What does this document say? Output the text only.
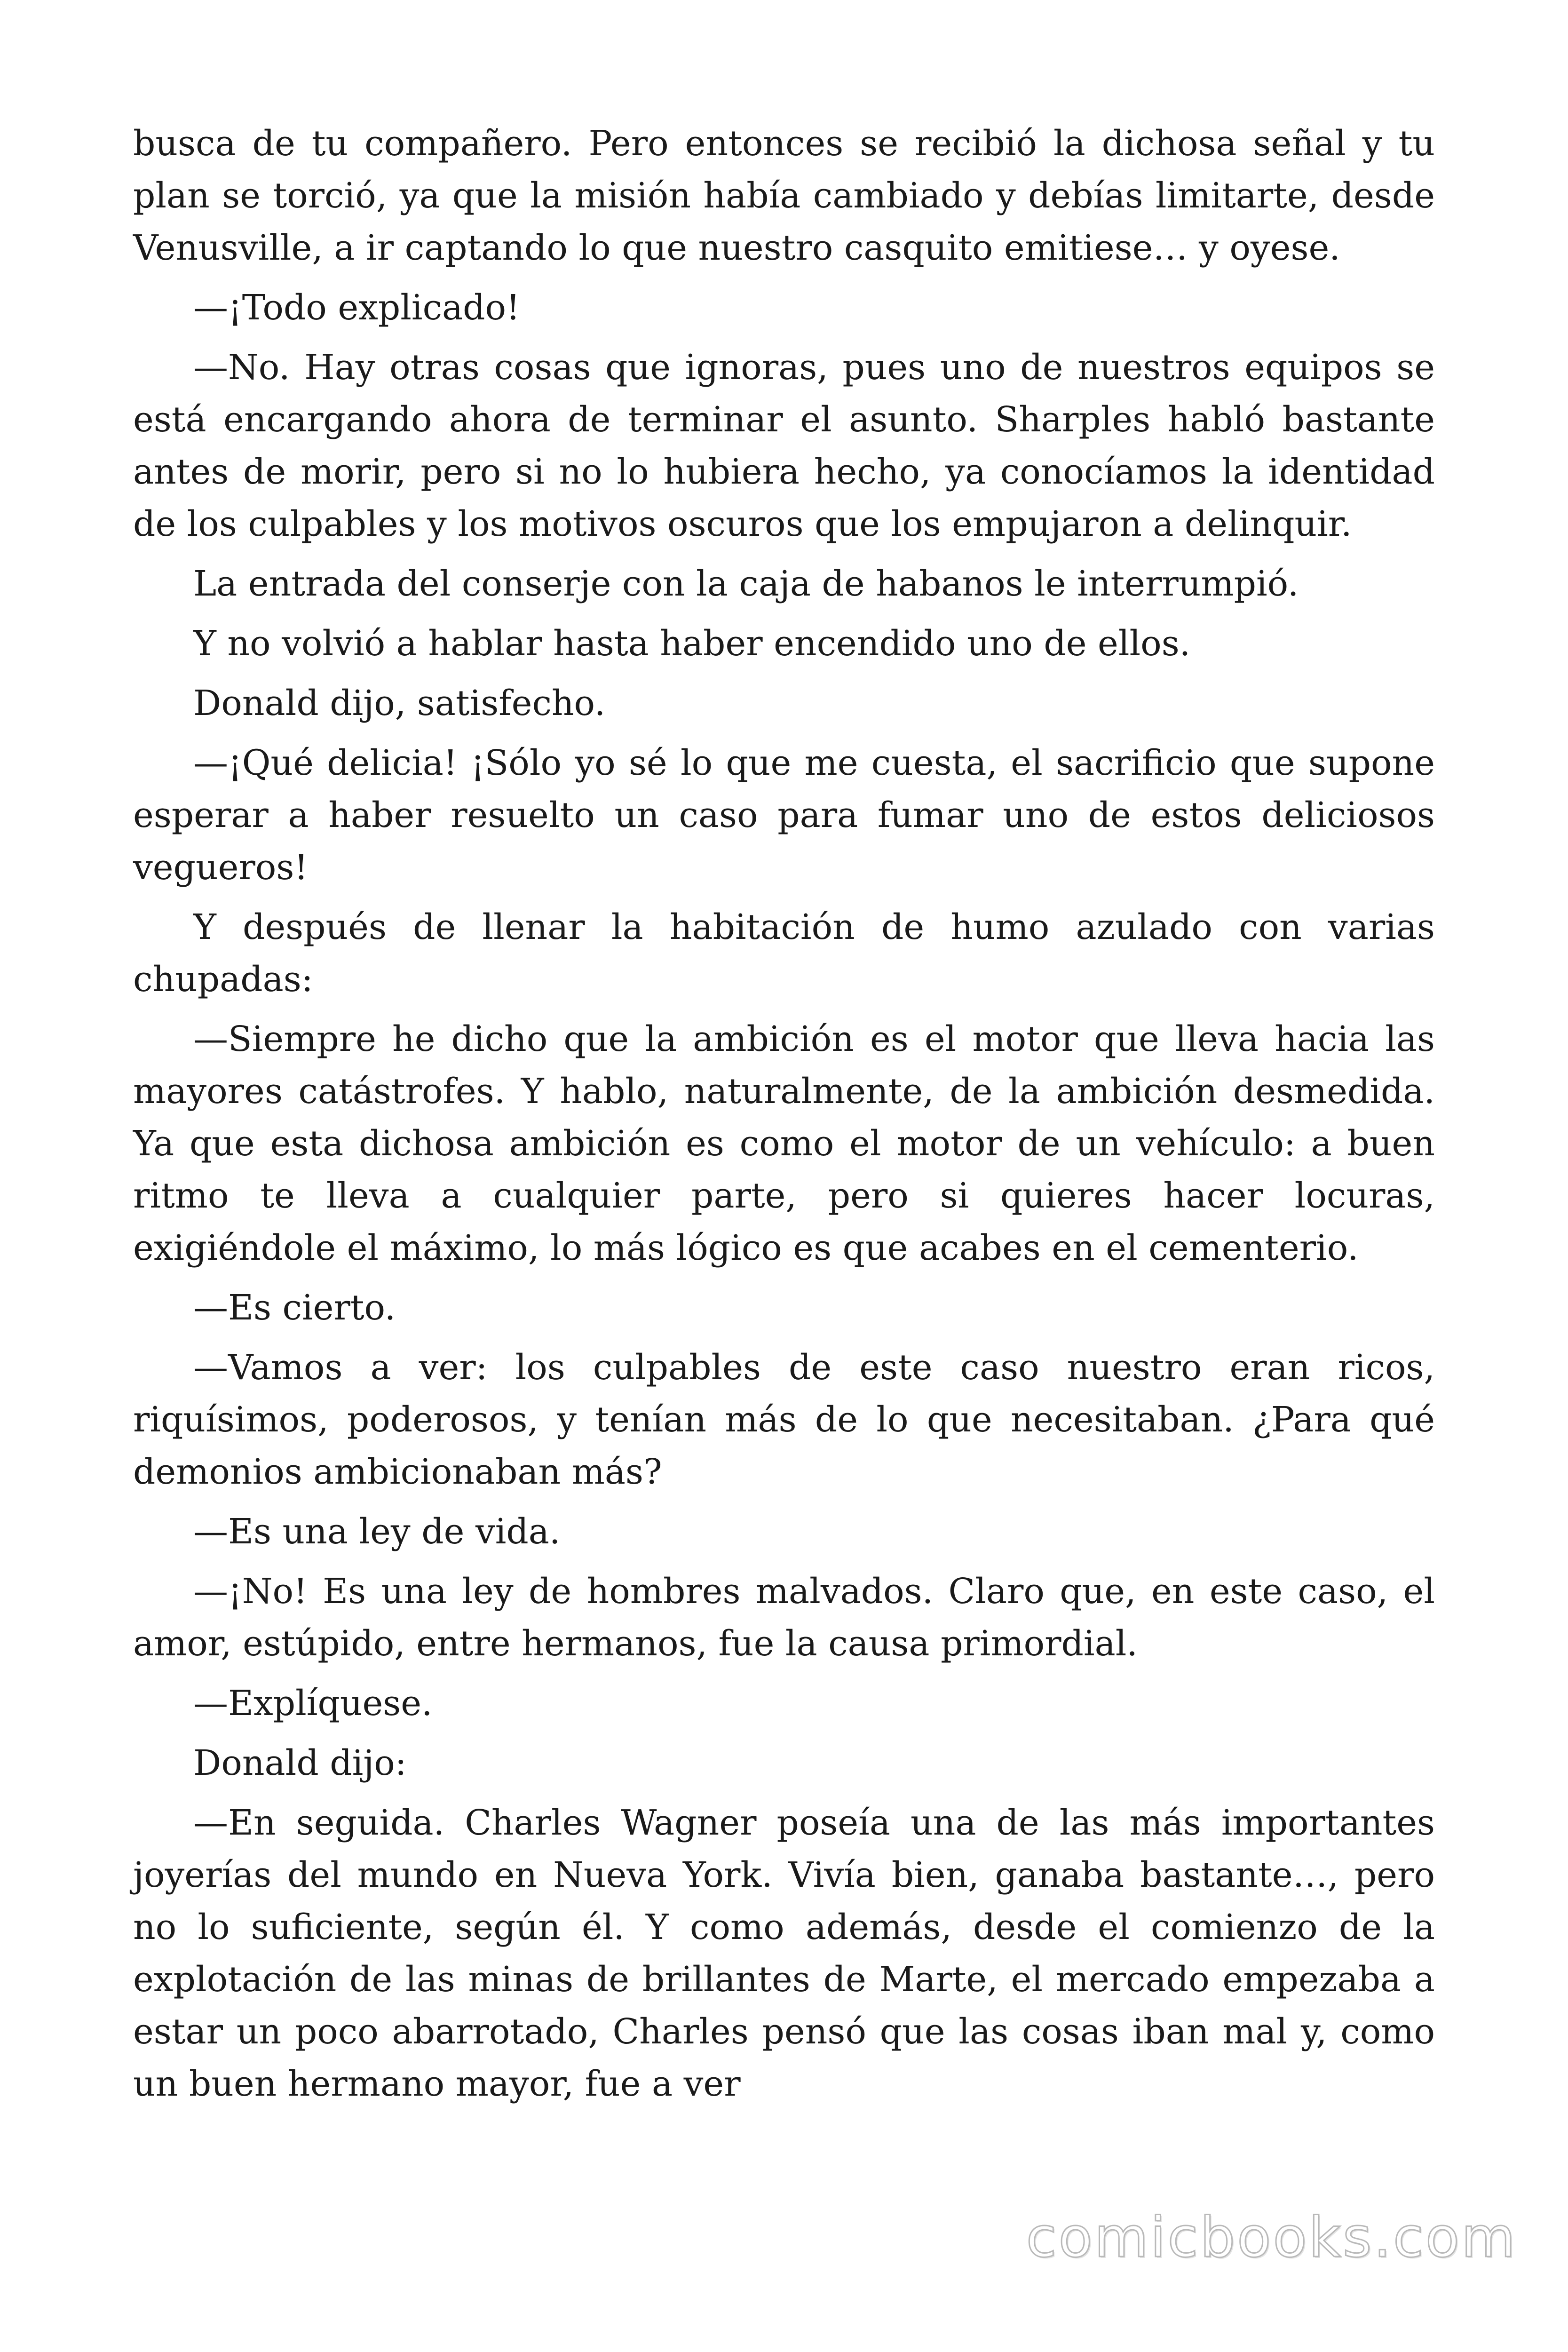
busca de tu compañero. Pero entonces se recibió la dichosa señal y tu plan se torció, ya que la misión había cambiado y debías limitarte, desde Venusville, a ir captando lo que nuestro casquito emitiese… y oyese.

—¡Todo explicado!

—No. Hay otras cosas que ignoras, pues uno de nuestros equipos se está encargando ahora de terminar el asunto. Sharples habló bastante antes de morir, pero si no lo hubiera hecho, ya conocíamos la identidad de los culpables y los motivos oscuros que los empujaron a delinquir.

La entrada del conserje con la caja de habanos le interrumpió.

Y no volvió a hablar hasta haber encendido uno de ellos.

Donald dijo, satisfecho.

—¡Qué delicia! ¡Sólo yo sé lo que me cuesta, el sacrificio que supone esperar a haber resuelto un caso para fumar uno de estos deliciosos vegueros!

Y después de llenar la habitación de humo azulado con varias chupadas:

—Siempre he dicho que la ambición es el motor que lleva hacia las mayores catástrofes. Y hablo, naturalmente, de la ambición desmedida. Ya que esta dichosa ambición es como el motor de un vehículo: a buen ritmo te lleva a cualquier parte, pero si quieres hacer locuras, exigiéndole el máximo, lo más lógico es que acabes en el cementerio.

—Es cierto.

—Vamos a ver: los culpables de este caso nuestro eran ricos, riquísimos, poderosos, y tenían más de lo que necesitaban. ¿Para qué demonios ambicionaban más?

—Es una ley de vida.

—¡No! Es una ley de hombres malvados. Claro que, en este caso, el amor, estúpido, entre hermanos, fue la causa primordial.

—Explíquese.

Donald dijo:

—En seguida. Charles Wagner poseía una de las más importantes joyerías del mundo en Nueva York. Vivía bien, ganaba bastante…, pero no lo suficiente, según él. Y como además, desde el comienzo de la explotación de las minas de brillantes de Marte, el mercado empezaba a estar un poco abarrotado, Charles pensó que las cosas iban mal y, como un buen hermano mayor, fue a ver

comicbooks.com
